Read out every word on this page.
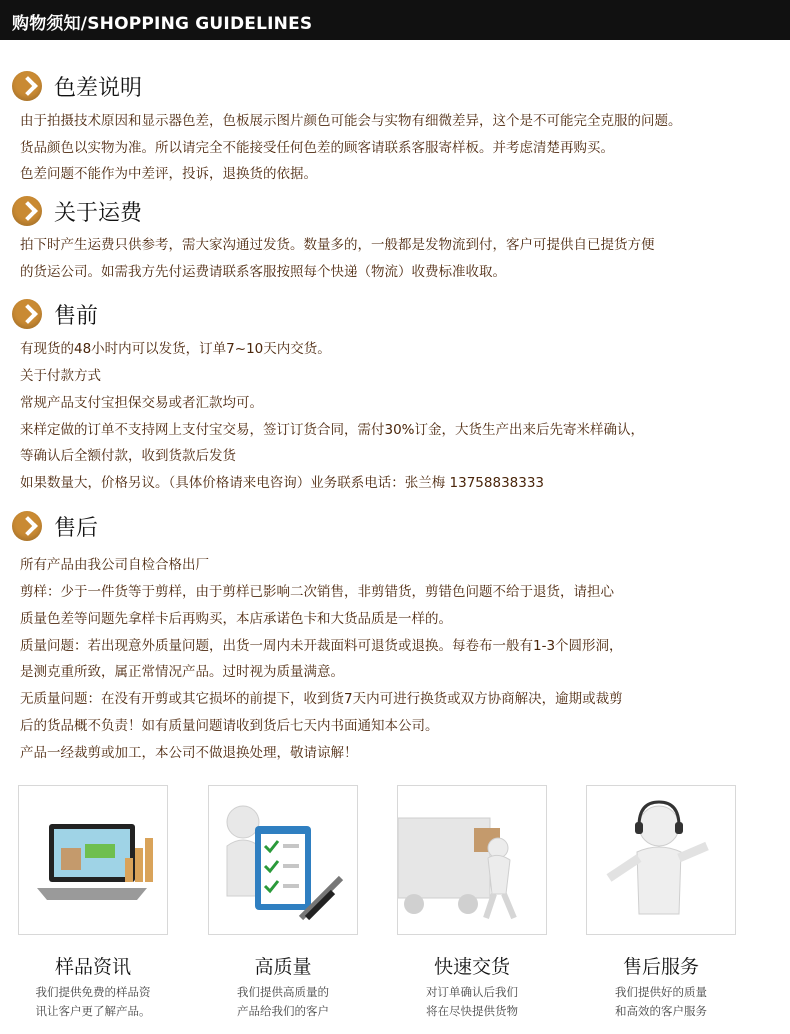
购物须知/SHOPPING GUIDELINES
色差说明
由于拍摄技术原因和显示器色差，色板展示图片颜色可能会与实物有细微差异，这个是不可能完全克服的问题。
货品颜色以实物为准。所以请完全不能接受任何色差的顾客请联系客服寄样板。并考虑清楚再购买。
色差问题不能作为中差评，投诉，退换货的依据。
关于运费
拍下时产生运费只供参考，需大家沟通过发货。数量多的，一般都是发物流到付，客户可提供自已提货方便
的货运公司。如需我方先付运费请联系客服按照每个快递（物流）收费标准收取。
售前
有现货的48小时内可以发货，订单7~10天内交货。
关于付款方式
常规产品支付宝担保交易或者汇款均可。
来样定做的订单不支持网上支付宝交易，签订订货合同，需付30%订金，大货生产出来后先寄米样确认，
等确认后全额付款，收到货款后发货
如果数量大，价格另议。（具体价格请来电咨询）业务联系电话：张兰梅 13758838333
售后
所有产品由我公司自检合格出厂
剪样：少于一件货等于剪样，由于剪样已影响二次销售，非剪错货，剪错色问题不给于退货，请担心
质量色差等问题先拿样卡后再购买，本店承诺色卡和大货品质是一样的。
质量问题：若出现意外质量问题，出货一周内未开裁面料可退货或退换。每卷布一般有1-3个圆形洞，
是测克重所致，属正常情况产品。过时视为质量满意。
无质量问题：在没有开剪或其它损坏的前提下，收到货7天内可进行换货或双方协商解决，逾期或裁剪
后的货品概不负责！如有质量问题请收到货后七天内书面通知本公司。
产品一经裁剪或加工，本公司不做退换处理，敬请谅解！
样品资讯
我们提供免费的样品资
讯让客户更了解产品。
高质量
我们提供高质量的
产品给我们的客户
快速交货
对订单确认后我们
将在尽快提供货物
售后服务
我们提供好的质量
和高效的客户服务
